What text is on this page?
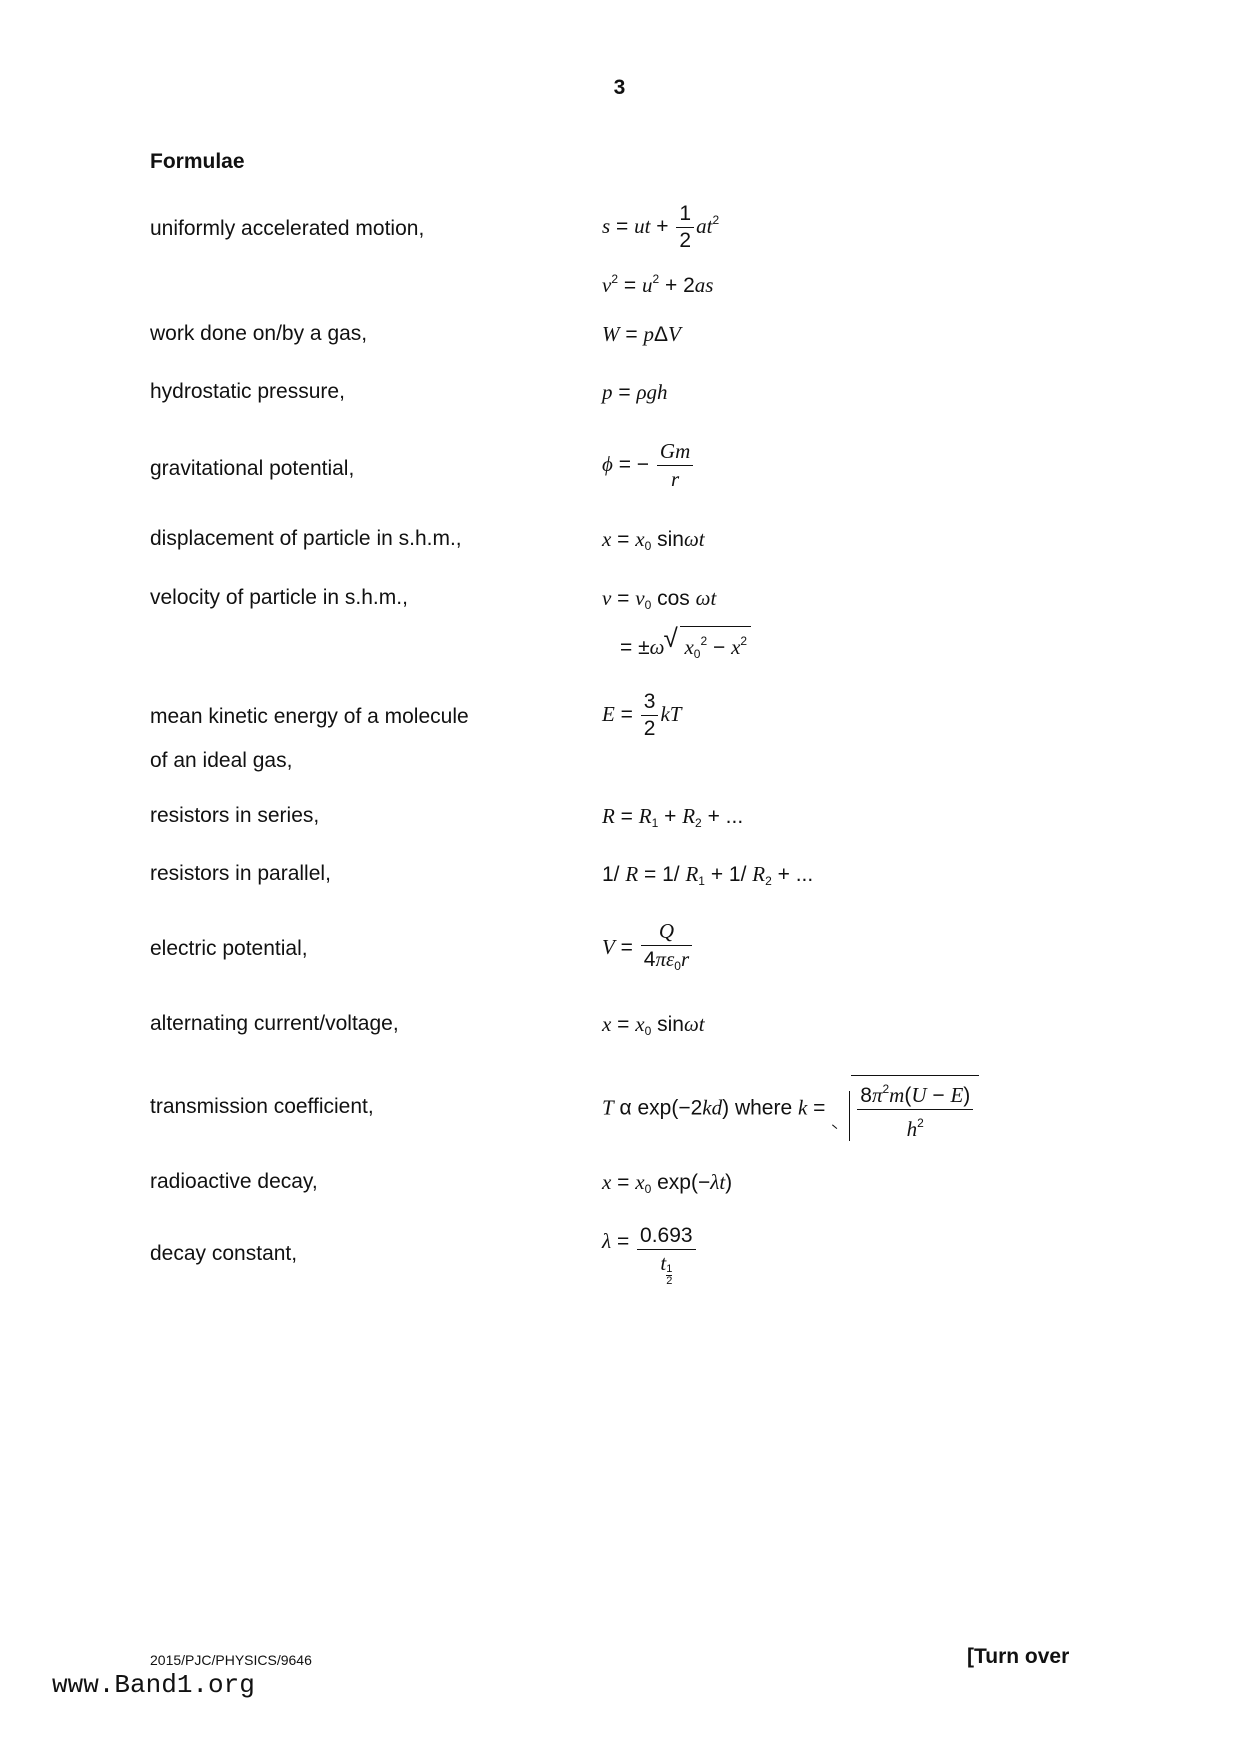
3
Formulae
uniformly accelerated motion,	s = ut + $\frac{1}{2} at^2$
$v^2 = u^2 + 2as$
work done on/by a gas,	W = pΔV
hydrostatic pressure,	p = ρgh
gravitational potential,	ϕ = − $\frac{Gm}{r}$
displacement of particle in s.h.m.,	$x = x_0$ sinωt
velocity of particle in s.h.m.,	$v = v_0$ cos ωt
= ±ω√ $x_0^2 - x^2$
mean kinetic energy of a molecule
of an ideal gas,
$E = \frac{3}{2}$ kT
resistors in series,	$R = R_1 + R_2$ + ...
resistors in parallel,	1/ R = 1/ $R_1 + 1/$ $R_2$ + ...
electric potential,	$V = \frac{Q}{4\pi\varepsilon_0r}$
alternating current/voltage,	$x = x_0$ sinωt
transmission coefficient,	T α exp(−2kd) where $k = \frac{8\pi^2m(U - E)}{h^2}$
radioactive decay,	$x = x_0$ exp(−λt)
decay constant,
λ = 0.693
t
$\frac{1}{2}$
2015/PJC/PHYSICS/9646	[Turn over
www.Band1.org
